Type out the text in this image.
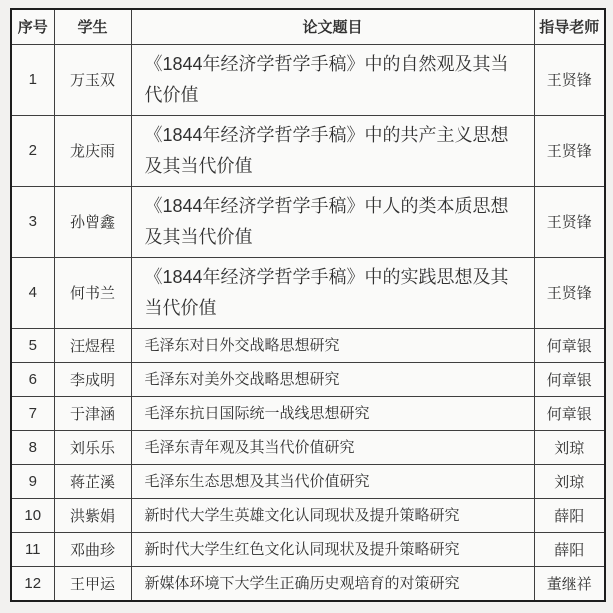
序号	学生	论文题目	指导老师
1	万玉双	《1844年经济学哲学手稿》中的自然观及其当代价值	王贤锋
2	龙庆雨	《1844年经济学哲学手稿》中的共产主义思想及其当代价值	王贤锋
3	孙曾鑫	《1844年经济学哲学手稿》中人的类本质思想及其当代价值	王贤锋
4	何书兰	《1844年经济学哲学手稿》中的实践思想及其当代价值	王贤锋
5	汪煜程	毛泽东对日外交战略思想研究	何章银
6	李成明	毛泽东对美外交战略思想研究	何章银
7	于津涵	毛泽东抗日国际统一战线思想研究	何章银
8	刘乐乐	毛泽东青年观及其当代价值研究	刘琼
9	蒋芷溪	毛泽东生态思想及其当代价值研究	刘琼
10	洪紫娟	新时代大学生英雄文化认同现状及提升策略研究	薛阳
11	邓曲珍	新时代大学生红色文化认同现状及提升策略研究	薛阳
12	王甲运	新媒体环境下大学生正确历史观培育的对策研究	董继祥
